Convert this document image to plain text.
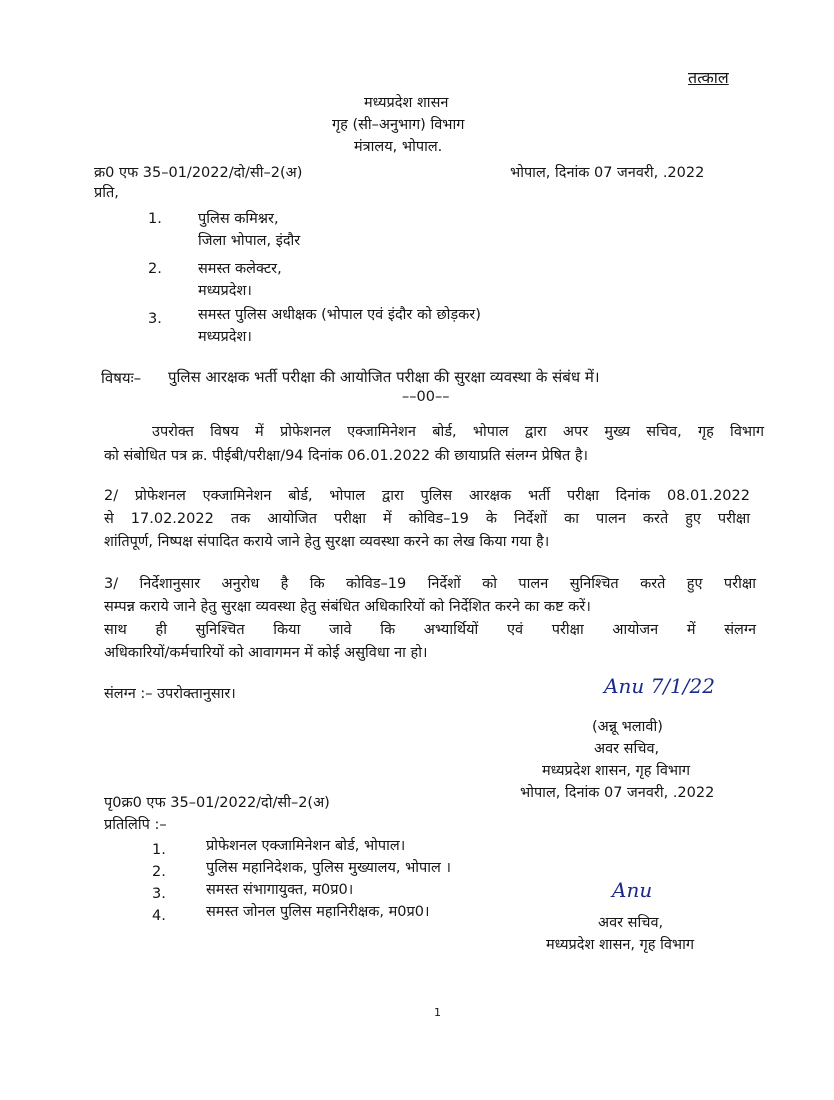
तत्काल
मध्यप्रदेश शासन
गृह (सी–अनुभाग) विभाग
मंत्रालय, भोपाल.
क्र0 एफ 35–01/2022/दो/सी–2(अ)	भोपाल, दिनांक 07 जनवरी, .2022
प्रति,
1. पुलिस कमिश्नर,
जिला भोपाल, इंदौर
2. समस्त कलेक्टर,
मध्यप्रदेश।
3. समस्त पुलिस अधीक्षक (भोपाल एवं इंदौर को छोड़कर)
मध्यप्रदेश।
विषयः– पुलिस आरक्षक भर्ती परीक्षा की आयोजित परीक्षा की सुरक्षा व्यवस्था के संबंध में।
––00––
उपरोक्त विषय में प्रोफेशनल एक्जामिनेशन बोर्ड, भोपाल द्वारा अपर मुख्य सचिव, गृह विभाग
को संबोधित पत्र क्र. पीईबी/परीक्षा/94 दिनांक 06.01.2022 की छायाप्रति संलग्न प्रेषित है।
2/ प्रोफेशनल एक्जामिनेशन बोर्ड, भोपाल द्वारा पुलिस आरक्षक भर्ती परीक्षा दिनांक 08.01.2022
से 17.02.2022 तक आयोजित परीक्षा में कोविड–19 के निर्देशों का पालन करते हुए परीक्षा
शांतिपूर्ण, निष्पक्ष संपादित कराये जाने हेतु सुरक्षा व्यवस्था करने का लेख किया गया है।
3/ निर्देशानुसार अनुरोध है कि कोविड–19 निर्देशों को पालन सुनिश्चित करते हुए परीक्षा
सम्पन्न कराये जाने हेतु सुरक्षा व्यवस्था हेतु संबंधित अधिकारियों को निर्देशित करने का कष्ट करें।
साथ ही सुनिश्चित किया जावे कि अभ्यार्थियों एवं परीक्षा आयोजन में संलग्न
अधिकारियों/कर्मचारियों को आवागमन में कोई असुविधा ना हो।
संलग्न :– उपरोक्तानुसार।	Anu 7/1/22
(अन्नू भलावी)
अवर सचिव,
मध्यप्रदेश शासन, गृह विभाग
भोपाल, दिनांक 07 जनवरी, .2022
पृ0क्र0 एफ 35–01/2022/दो/सी–2(अ)
प्रतिलिपि :–
1.	प्रोफेशनल एक्जामिनेशन बोर्ड, भोपाल।
2.	पुलिस महानिदेशक, पुलिस मुख्यालय, भोपाल ।
3.	समस्त संभागायुक्त, म0प्र0।
4.	समस्त जोनल पुलिस महानिरीक्षक, म0प्र0।
Anu
अवर सचिव,
मध्यप्रदेश शासन, गृह विभाग
1
